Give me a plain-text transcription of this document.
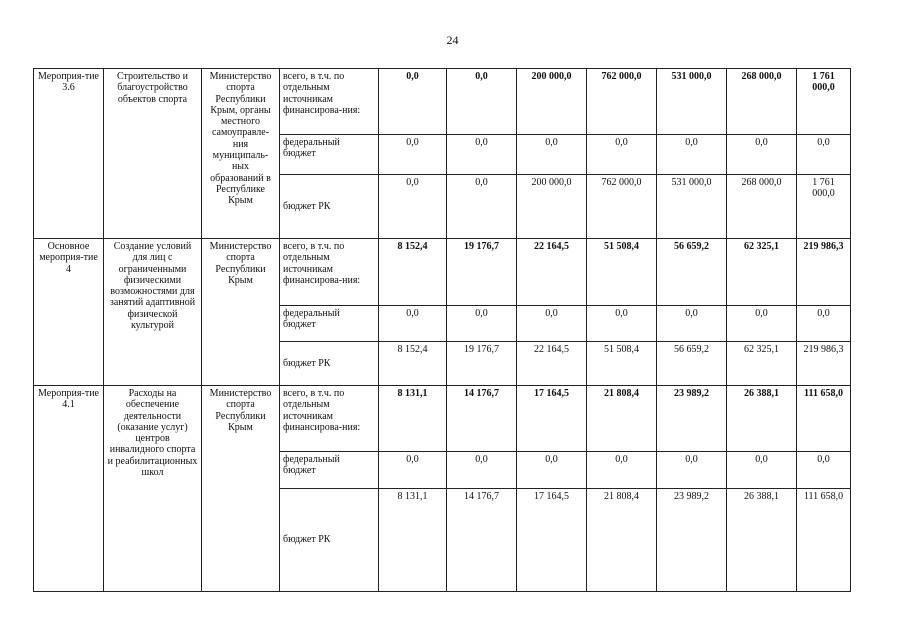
24
Мероприя-тие 3.6	Строительство и благоустройство объектов спорта	Министерство спорта Республики Крым, органы местного самоуправле-ния муниципаль-ных образований в Республике Крым	всего, в т.ч. по отдельным источникам финансирова-ния:	0,0	0,0	200 000,0	762 000,0	531 000,0	268 000,0	1 761 000,0
			федеральный бюджет	0,0	0,0	0,0	0,0	0,0	0,0	0,0
			бюджет РК	0,0	0,0	200 000,0	762 000,0	531 000,0	268 000,0	1 761 000,0
Основное мероприя-тие 4	Создание условий для лиц с ограниченными физическими возможностями для занятий адаптивной физической культурой	Министерство спорта Республики Крым	всего, в т.ч. по отдельным источникам финансирова-ния:	8 152,4	19 176,7	22 164,5	51 508,4	56 659,2	62 325,1	219 986,3
			федеральный бюджет	0,0	0,0	0,0	0,0	0,0	0,0	0,0
			бюджет РК	8 152,4	19 176,7	22 164,5	51 508,4	56 659,2	62 325,1	219 986,3
Мероприя-тие 4.1	Расходы на обеспечение деятельности (оказание услуг) центров инвалидного спорта и реабилитационных школ	Министерство спорта Республики Крым	всего, в т.ч. по отдельным источникам финансирова-ния:	8 131,1	14 176,7	17 164,5	21 808,4	23 989,2	26 388,1	111 658,0
			федеральный бюджет	0,0	0,0	0,0	0,0	0,0	0,0	0,0
			бюджет РК	8 131,1	14 176,7	17 164,5	21 808,4	23 989,2	26 388,1	111 658,0
